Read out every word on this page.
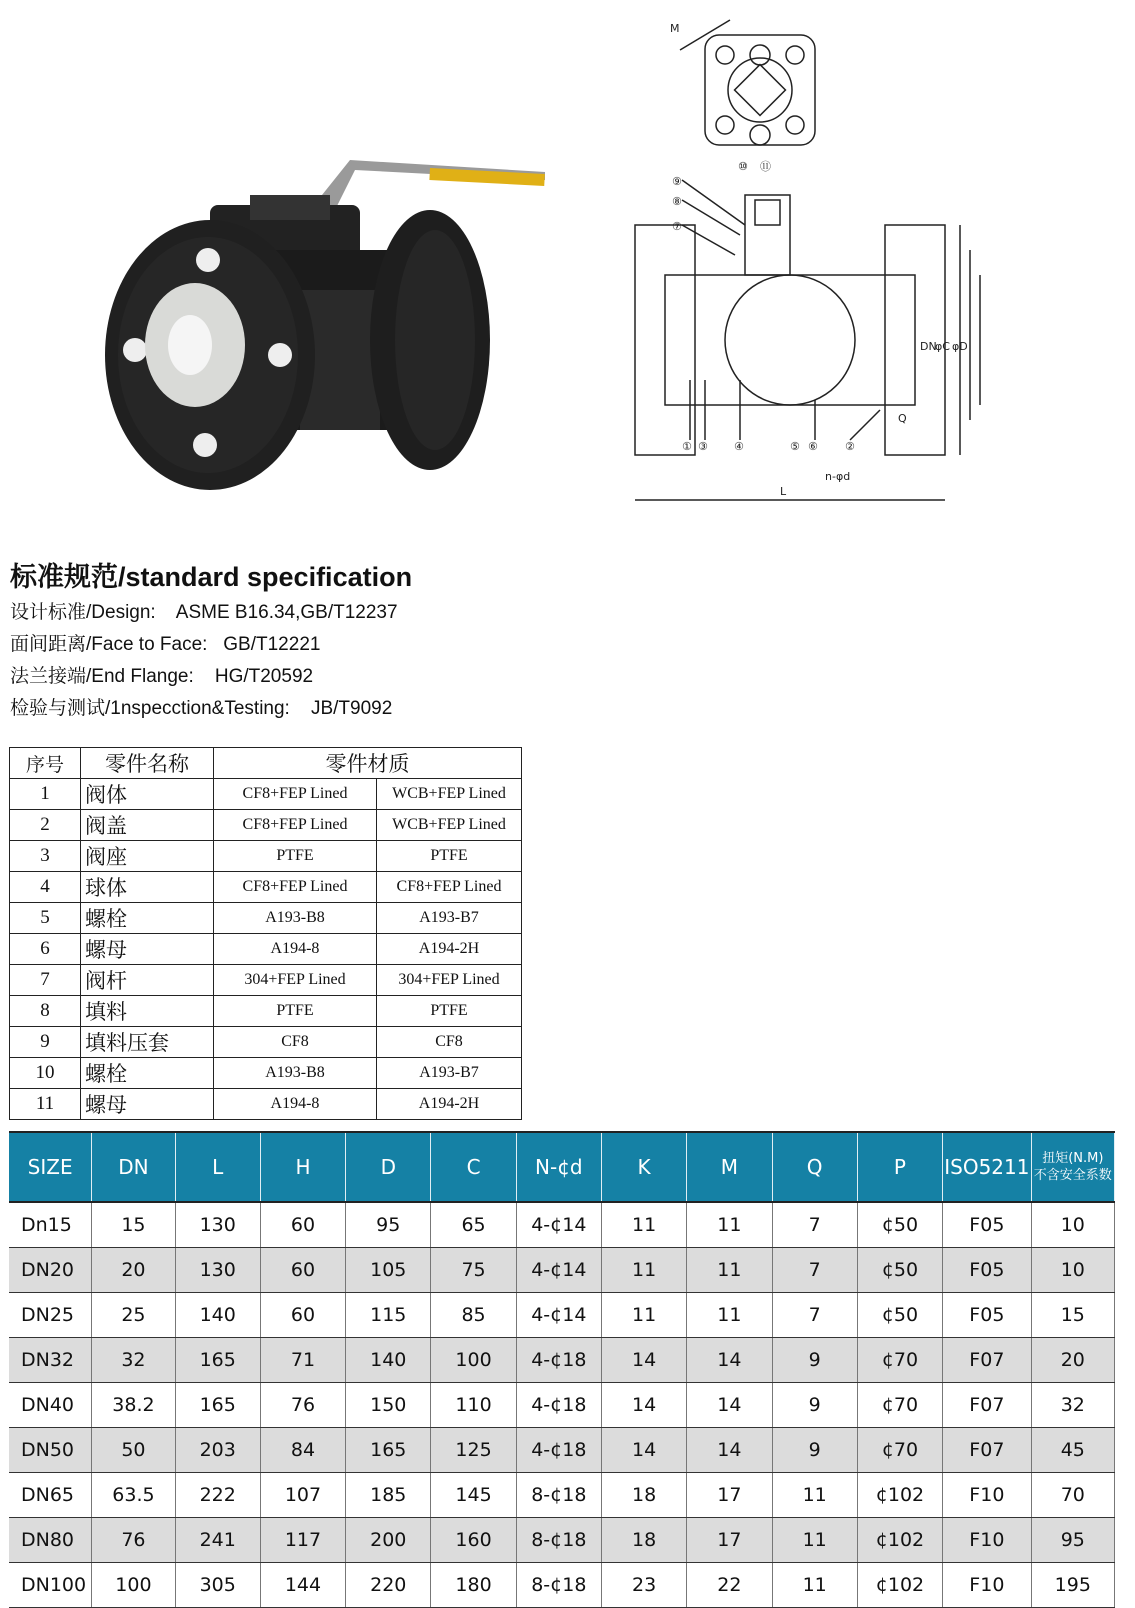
⑨
⑧
⑦
① ③ ④	⑤ ⑥ ②
⑩ ⑪
M
Q
DN
φC φD
L
n-φd
标准规范/standard specification
设计标准/Design:    ASME B16.34,GB/T12237
面间距离/Face to Face:   GB/T12221
法兰接端/End Flange:    HG/T20592
检验与测试/1nspecction&Testing:    JB/T9092
序号	零件名称	零件材质	
1	阀体	CF8+FEP Lined	WCB+FEP Lined
2	阀盖	CF8+FEP Lined	WCB+FEP Lined
3	阀座	PTFE	PTFE
4	球体	CF8+FEP Lined	CF8+FEP Lined
5	螺栓	A193-B8	A193-B7
6	螺母	A194-8	A194-2H
7	阀杆	304+FEP Lined	304+FEP Lined
8	填料	PTFE	PTFE
9	填料压套	CF8	CF8
10	螺栓	A193-B8	A193-B7
11	螺母	A194-8	A194-2H
SIZE	DN	L	H	D	C	N-¢d	K	M	Q	P	ISO5211	扭矩(N.M)
不含安全系数

Dn15	15	130	60	95	65	4-¢14	11	11	7	¢50	F05	10
DN20	20	130	60	105	75	4-¢14	11	11	7	¢50	F05	10
DN25	25	140	60	115	85	4-¢14	11	11	7	¢50	F05	15
DN32	32	165	71	140	100	4-¢18	14	14	9	¢70	F07	20
DN40	38.2	165	76	150	110	4-¢18	14	14	9	¢70	F07	32
DN50	50	203	84	165	125	4-¢18	14	14	9	¢70	F07	45
DN65	63.5	222	107	185	145	8-¢18	18	17	11	¢102	F10	70
DN80	76	241	117	200	160	8-¢18	18	17	11	¢102	F10	95
DN100	100	305	144	220	180	8-¢18	23	22	11	¢102	F10	195
